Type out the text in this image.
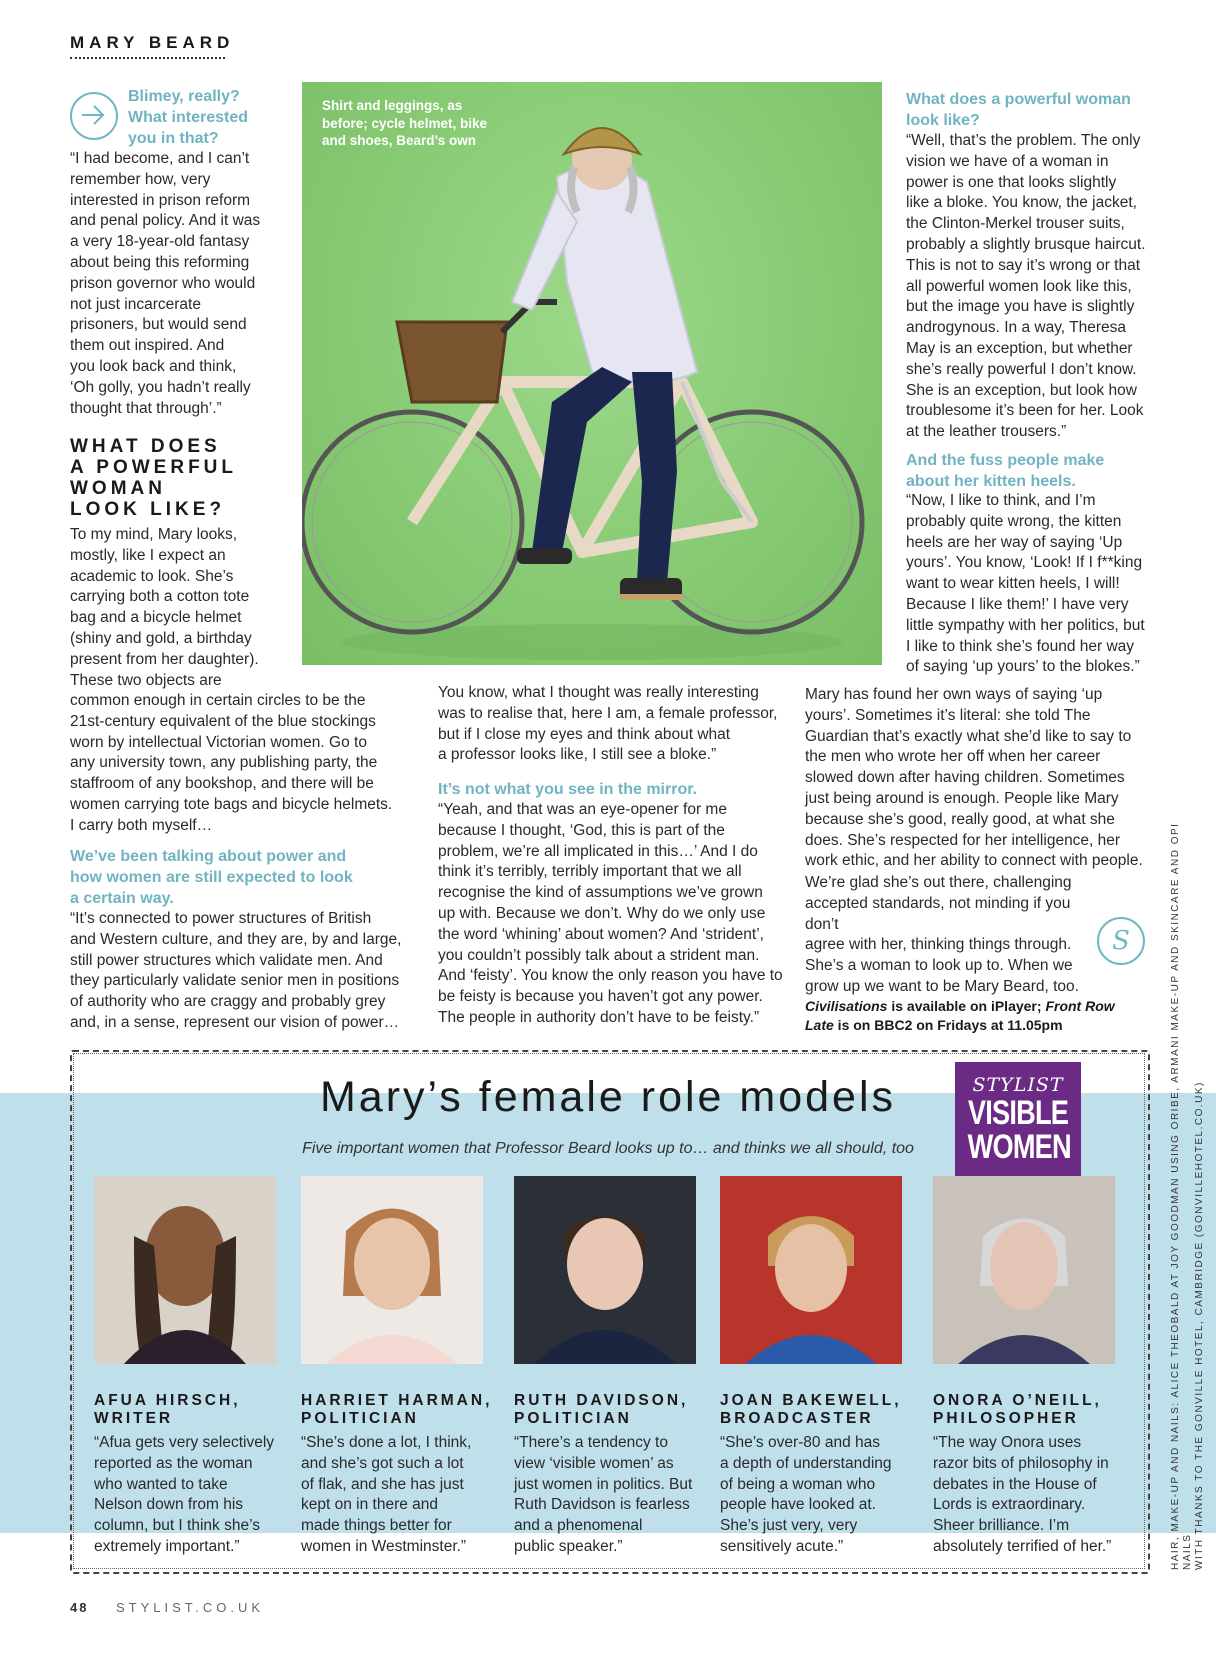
MARY BEARD
Blimey, really?
What interested
you in that?
“I had become, and I can’t
remember how, very
interested in prison reform
and penal policy. And it was
a very 18-year-old fantasy
about being this reforming
prison governor who would
not just incarcerate
prisoners, but would send
them out inspired. And
you look back and think,
‘Oh golly, you hadn’t really
thought that through’.”
WHAT DOES
A POWERFUL
WOMAN
LOOK LIKE?
To my mind, Mary looks,
mostly, like I expect an
academic to look. She’s
carrying both a cotton tote
bag and a bicycle helmet
(shiny and gold, a birthday
present from her daughter).
These two objects are
common enough in certain circles to be the
21st-century equivalent of the blue stockings
worn by intellectual Victorian women. Go to
any university town, any publishing party, the
staffroom of any bookshop, and there will be
women carrying tote bags and bicycle helmets.
I carry both myself…
We’ve been talking about power and
how women are still expected to look
a certain way.
“It’s connected to power structures of British
and Western culture, and they are, by and large,
still power structures which validate men. And
they particularly validate senior men in positions
of authority who are craggy and probably grey
and, in a sense, represent our vision of power…
Shirt and leggings, as
before; cycle helmet, bike
and shoes, Beard’s own
You know, what I thought was really interesting
was to realise that, here I am, a female professor,
but if I close my eyes and think about what
a professor looks like, I still see a bloke.”
It’s not what you see in the mirror.
“Yeah, and that was an eye-opener for me
because I thought, ‘God, this is part of the
problem, we’re all implicated in this…’ And I do
think it’s terribly, terribly important that we all
recognise the kind of assumptions we’ve grown
up with. Because we don’t. Why do we only use
the word ‘whining’ about women? And ‘strident’,
you couldn’t possibly talk about a strident man.
And ‘feisty’. You know the only reason you have to
be feisty is because you haven’t got any power.
The people in authority don’t have to be feisty.”
What does a powerful woman
look like?
“Well, that’s the problem. The only
vision we have of a woman in
power is one that looks slightly
like a bloke. You know, the jacket,
the Clinton-Merkel trouser suits,
probably a slightly brusque haircut.
This is not to say it’s wrong or that
all powerful women look like this,
but the image you have is slightly
androgynous. In a way, Theresa
May is an exception, but whether
she’s really powerful I don’t know.
She is an exception, but look how
troublesome it’s been for her. Look
at the leather trousers.”
And the fuss people make
about her kitten heels.
“Now, I like to think, and I’m
probably quite wrong, the kitten
heels are her way of saying ‘Up
yours’. You know, ‘Look! If I f**king
want to wear kitten heels, I will!
Because I like them!’ I have very
little sympathy with her politics, but
I like to think she’s found her way
of saying ‘up yours’ to the blokes.”
Mary has found her own ways of saying ‘up
yours’. Sometimes it’s literal: she told The
Guardian that’s exactly what she’d like to say to
the men who wrote her off when her career
slowed down after having children. Sometimes
just being around is enough. People like Mary
because she’s good, really good, at what she
does. She’s respected for her intelligence, her
work ethic, and her ability to connect with people.
We’re glad she’s out there, challenging
accepted standards, not minding if you don’t
agree with her, thinking things through.
She’s a woman to look up to. When we
grow up we want to be Mary Beard, too.
S
Civilisations is available on iPlayer; Front Row Late is on BBC2 on Fridays at 11.05pm
Mary’s female role models
Five important women that Professor Beard looks up to… and thinks we all should, too
STYLIST
VISIBLE
WOMEN
AFUA HIRSCH,
WRITER
“Afua gets very selectively
reported as the woman
who wanted to take
Nelson down from his
column, but I think she’s
extremely important.”
HARRIET HARMAN,
POLITICIAN
“She’s done a lot, I think,
and she’s got such a lot
of flak, and she has just
kept on in there and
made things better for
women in Westminster.”
RUTH DAVIDSON,
POLITICIAN
“There’s a tendency to
view ‘visible women’ as
just women in politics. But
Ruth Davidson is fearless
and a phenomenal
public speaker.”
JOAN BAKEWELL,
BROADCASTER
“She’s over-80 and has
a depth of understanding
of being a woman who
people have looked at.
She’s just very, very
sensitively acute.”
ONORA O’NEILL,
PHILOSOPHER
“The way Onora uses
razor bits of philosophy in
debates in the House of
Lords is extraordinary.
Sheer brilliance. I’m
absolutely terrified of her.”
48 STYLIST.CO.UK
HAIR, MAKE-UP AND NAILS: ALICE THEOBALD AT JOY GOODMAN USING ORIBE, ARMANI MAKE-UP AND SKINCARE AND OPI NAILS
WITH THANKS TO THE GONVILLE HOTEL, CAMBRIDGE (GONVILLEHOTEL.CO.UK)
